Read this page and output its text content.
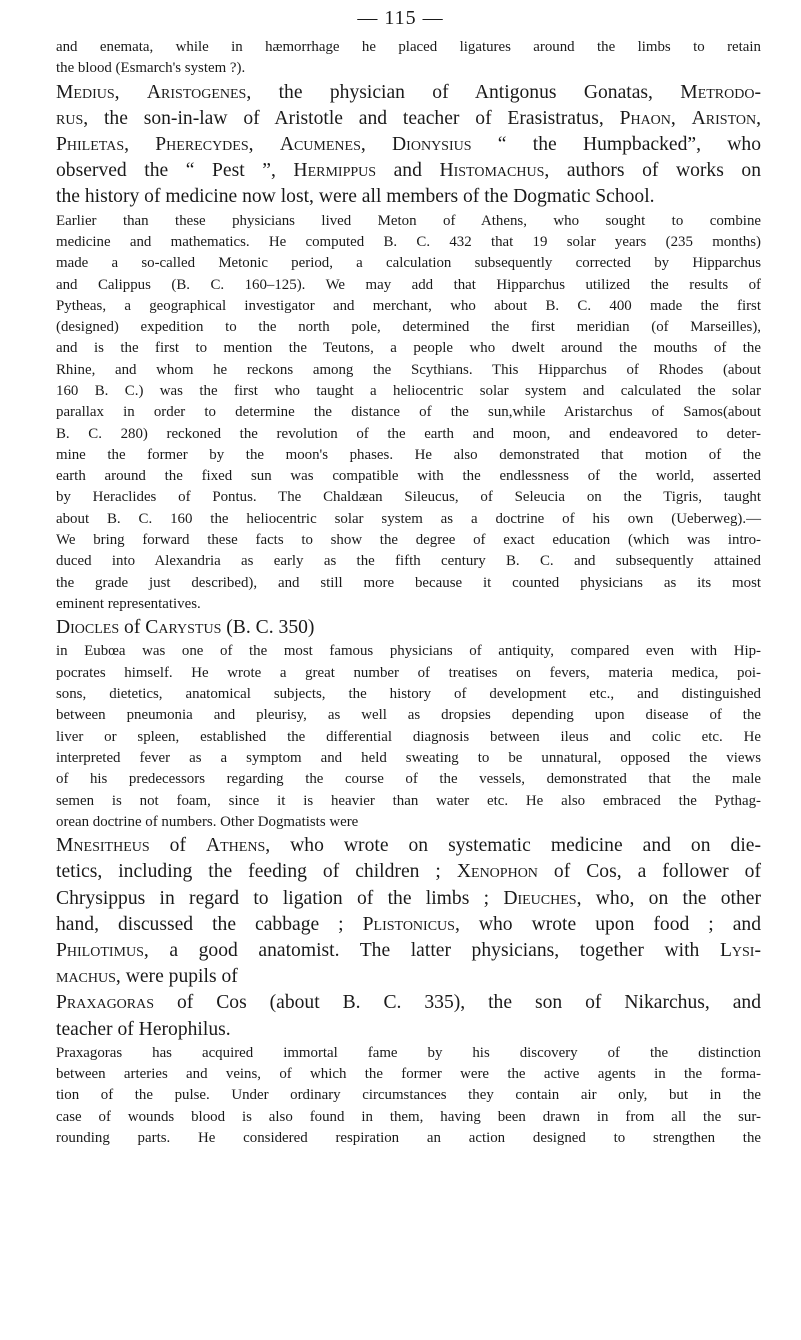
— 115 —

and enemata, while in hæmorrhage he placed ligatures around the limbs to retain
the blood (Esmarch's system ?).

Medius, Aristogenes, the physician of Antigonus Gonatas, Metrodo-
rus, the son-in-law of Aristotle and teacher of Erasistratus, Phaon, Ariston,
Philetas, Pherecydes, Acumenes, Dionysius “ the Humpbacked”, who
observed the “ Pest ”, Hermippus and Histomachus, authors of works on
the history of medicine now lost, were all members of the Dogmatic School.

Earlier than these physicians lived Meton of Athens, who sought to combine
medicine and mathematics. He computed B. C. 432 that 19 solar years (235 months)
made a so-called Metonic period, a calculation subsequently corrected by Hipparchus
and Calippus (B. C. 160–125). We may add that Hipparchus utilized the results of
Pytheas, a geographical investigator and merchant, who about B. C. 400 made the first
(designed) expedition to the north pole, determined the first meridian (of Marseilles),
and is the first to mention the Teutons, a people who dwelt around the mouths of the
Rhine, and whom he reckons among the Scythians. This Hipparchus of Rhodes (about
160 B. C.) was the first who taught a heliocentric solar system and calculated the solar
parallax in order to determine the distance of the sun,while Aristarchus of Samos(about
B. C. 280) reckoned the revolution of the earth and moon, and endeavored to deter-
mine the former by the moon's phases. He also demonstrated that motion of the
earth around the fixed sun was compatible with the endlessness of the world, asserted
by Heraclides of Pontus. The Chaldæan Sileucus, of Seleucia on the Tigris, taught
about B. C. 160 the heliocentric solar system as a doctrine of his own (Ueberweg).—
We bring forward these facts to show the degree of exact education (which was intro-
duced into Alexandria as early as the fifth century B. C. and subsequently attained
the grade just described), and still more because it counted physicians as its most
eminent representatives.

Diocles of Carystus (B. C. 350)

in Eubœa was one of the most famous physicians of antiquity, compared even with Hip-
pocrates himself. He wrote a great number of treatises on fevers, materia medica, poi-
sons, dietetics, anatomical subjects, the history of development etc., and distinguished
between pneumonia and pleurisy, as well as dropsies depending upon disease of the
liver or spleen, established the differential diagnosis between ileus and colic etc. He
interpreted fever as a symptom and held sweating to be unnatural, opposed the views
of his predecessors regarding the course of the vessels, demonstrated that the male
semen is not foam, since it is heavier than water etc. He also embraced the Pythag-
orean doctrine of numbers. Other Dogmatists were

Mnesitheus of Athens, who wrote on systematic medicine and on die-
tetics, including the feeding of children ; Xenophon of Cos, a follower of
Chrysippus in regard to ligation of the limbs ; Dieuches, who, on the other
hand, discussed the cabbage ; Plistonicus, who wrote upon food ; and
Philotimus, a good anatomist. The latter physicians, together with Lysi-
machus, were pupils of

Praxagoras of Cos (about B. C. 335), the son of Nikarchus, and
teacher of Herophilus.

Praxagoras has acquired immortal fame by his discovery of the distinction
between arteries and veins, of which the former were the active agents in the forma-
tion of the pulse. Under ordinary circumstances they contain air only, but in the
case of wounds blood is also found in them, having been drawn in from all the sur-
rounding parts. He considered respiration an action designed to strengthen the
